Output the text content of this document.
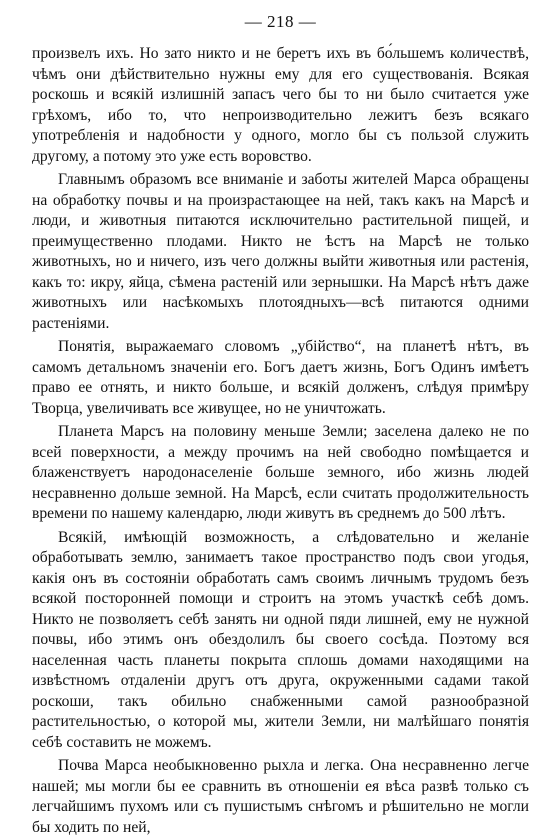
— 218 —

произвелъ ихъ. Но зато никто и не беретъ ихъ въ бо́льшемъ количествѣ, чѣмъ они дѣйствительно нужны ему для его существованія. Всякая роскошь и всякій излишній запасъ чего бы то ни было считается уже грѣхомъ, ибо то, что непроизводительно лежитъ безъ всякаго употребленія и надобности у одного, могло бы съ пользой служить другому, а потому это уже есть воровство.

Главнымъ образомъ все вниманіе и заботы жителей Марса обращены на обработку почвы и на произрастающее на ней, такъ какъ на Марсѣ и люди, и животныя питаются исключительно растительной пищей, и преимущественно плодами. Никто не ѣстъ на Марсѣ не только животныхъ, но и ничего, изъ чего должны выйти животныя или растенія, какъ то: икру, яйца, сѣмена растеній или зернышки. На Марсѣ нѣтъ даже животныхъ или насѣкомыхъ плотоядныхъ—всѣ питаются одними растеніями.

Понятія, выражаемаго словомъ „убійство“, на планетѣ нѣтъ, въ самомъ детальномъ значеніи его. Богъ даетъ жизнь, Богъ Одинъ имѣетъ право ее отнять, и никто больше, и всякій долженъ, слѣдуя примѣру Творца, увеличивать все живущее, но не уничтожать.

Планета Марсъ на половину меньше Земли; заселена далеко не по всей поверхности, а между прочимъ на ней свободно помѣщается и блаженствуетъ народонаселеніе больше земного, ибо жизнь людей несравненно дольше земной. На Марсѣ, если считать продолжительность времени по нашему календарю, люди живутъ въ среднемъ до 500 лѣтъ.

Всякій, имѣющій возможность, а слѣдовательно и желаніе обработывать землю, занимаетъ такое пространство подъ свои угодья, какія онъ въ состояніи обработать самъ своимъ личнымъ трудомъ безъ всякой посторонней помощи и строитъ на этомъ участкѣ себѣ домъ. Никто не позволяетъ себѣ занять ни одной пяди лишней, ему не нужной почвы, ибо этимъ онъ обездолилъ бы своего сосѣда. Поэтому вся населенная часть планеты покрыта сплошь домами находящими на извѣстномъ отдаленіи другъ отъ друга, окруженными садами такой роскоши, такъ обильно снабженными самой разнообразной растительностью, о которой мы, жители Земли, ни малѣйшаго понятія себѣ составить не можемъ.

Почва Марса необыкновенно рыхла и легка. Она несравненно легче нашей; мы могли бы ее сравнить въ отношеніи ея вѣса развѣ только съ легчайшимъ пухомъ или съ пушистымъ снѣгомъ и рѣшительно не могли бы ходить по ней,
